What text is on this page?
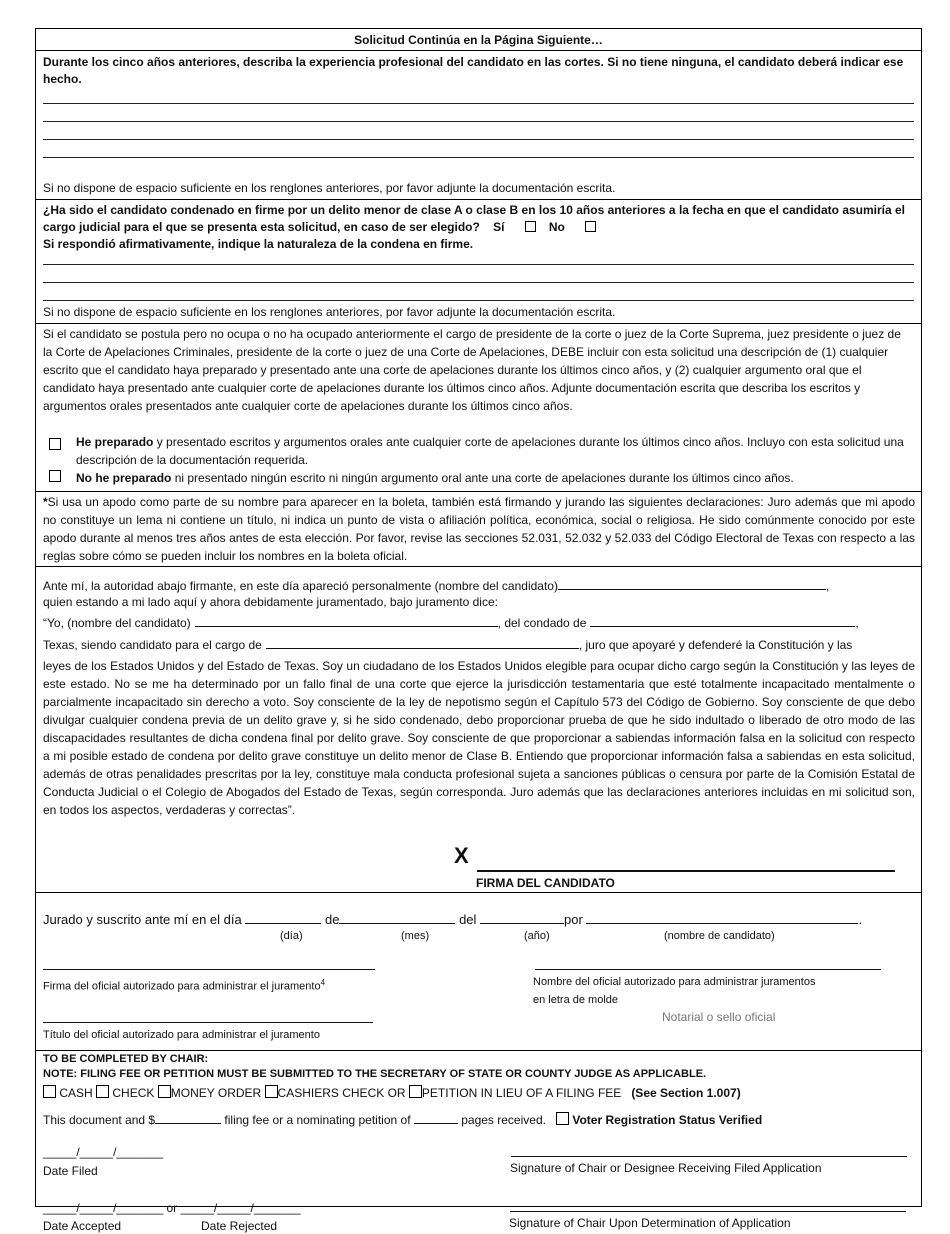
Solicitud Continúa en la Página Siguiente…
Durante los cinco años anteriores, describa la experiencia profesional del candidato en las cortes. Si no tiene ninguna, el candidato deberá indicar ese hecho.
Si no dispone de espacio suficiente en los renglones anteriores, por favor adjunte la documentación escrita.
¿Ha sido el candidato condenado en firme por un delito menor de clase A o clase B en los 10 años anteriores a la fecha en que el candidato asumiría el cargo judicial para el que se presenta esta solicitud, en caso de ser elegido? Sí	No
Si respondió afirmativamente, indique la naturaleza de la condena en firme.
Si no dispone de espacio suficiente en los renglones anteriores, por favor adjunte la documentación escrita.
Si el candidato se postula pero no ocupa o no ha ocupado anteriormente el cargo de presidente de la corte o juez de la Corte Suprema, juez presidente o juez de la Corte de Apelaciones Criminales, presidente de la corte o juez de una Corte de Apelaciones, DEBE incluir con esta solicitud una descripción de (1) cualquier escrito que el candidato haya preparado y presentado ante una corte de apelaciones durante los últimos cinco años, y (2) cualquier argumento oral que el candidato haya presentado ante cualquier corte de apelaciones durante los últimos cinco años. Adjunte documentación escrita que describa los escritos y argumentos orales presentados ante cualquier corte de apelaciones durante los últimos cinco años.
He preparado y presentado escritos y argumentos orales ante cualquier corte de apelaciones durante los últimos cinco años. Incluyo con esta solicitud una descripción de la documentación requerida.
No he preparado ni presentado ningún escrito ni ningún argumento oral ante una corte de apelaciones durante los últimos cinco años.
*Si usa un apodo como parte de su nombre para aparecer en la boleta, también está firmando y jurando las siguientes declaraciones: Juro además que mi apodo no constituye un lema ni contiene un título, ni indica un punto de vista o afiliación política, económica, social o religiosa. He sido comúnmente conocido por este apodo durante al menos tres años antes de esta elección. Por favor, revise las secciones 52.031, 52.032 y 52.033 del Código Electoral de Texas con respecto a las reglas sobre cómo se pueden incluir los nombres en la boleta oficial.
Ante mí, la autoridad abajo firmante, en este día apareció personalmente (nombre del candidato)	,
quien estando a mi lado aquí y ahora debidamente juramentado, bajo juramento dice:
“Yo, (nombre del candidato)	, del condado de	,
Texas, siendo candidato para el cargo de	, juro que apoyaré y defenderé la Constitución y las
leyes de los Estados Unidos y del Estado de Texas. Soy un ciudadano de los Estados Unidos elegible para ocupar dicho cargo según la Constitución y las leyes de este estado. No se me ha determinado por un fallo final de una corte que ejerce la jurisdicción testamentaria que esté totalmente incapacitado mentalmente o parcialmente incapacitado sin derecho a voto. Soy consciente de la ley de nepotismo según el Capítulo 573 del Código de Gobierno. Soy consciente de que debo divulgar cualquier condena previa de un delito grave y, si he sido condenado, debo proporcionar prueba de que he sido indultado o liberado de otro modo de las discapacidades resultantes de dicha condena final por delito grave. Soy consciente de que proporcionar a sabiendas información falsa en la solicitud con respecto a mi posible estado de condena por delito grave constituye un delito menor de Clase B. Entiendo que proporcionar información falsa a sabiendas en esta solicitud, además de otras penalidades prescritas por la ley, constituye mala conducta profesional sujeta a sanciones públicas o censura por parte de la Comisión Estatal de Conducta Judicial o el Colegio de Abogados del Estado de Texas, según corresponda. Juro además que las declaraciones anteriores incluidas en mi solicitud son, en todos los aspectos, verdaderas y correctas”.
X
FIRMA DEL CANDIDATO
Jurado y suscrito ante mí en el día	de	del	por	.
(día)	(mes)	(año)	(nombre de candidato)
Firma del oficial autorizado para administrar el juramento$^4$	Nombre del oficial autorizado para administrar juramentos
en letra de molde
Notarial o sello oficial
Título del oficial autorizado para administrar el juramento
TO BE COMPLETED BY CHAIR:
NOTE: FILING FEE OR PETITION MUST BE SUBMITTED TO THE SECRETARY OF STATE OR COUNTY JUDGE AS APPLICABLE.
CASH CHECK MONEY ORDER CASHIERS CHECK OR PETITION IN LIEU OF A FILING FEE (See Section 1.007)
This document and $	filing fee or a nominating petition of	pages received. Voter Registration Status Verified
_____/_____/_______
Date Filed	Signature of Chair or Designee Receiving Filed Application
_____/_____/_______ or _____/_____/_______
Date Accepted	Date Rejected	Signature of Chair Upon Determination of Application
